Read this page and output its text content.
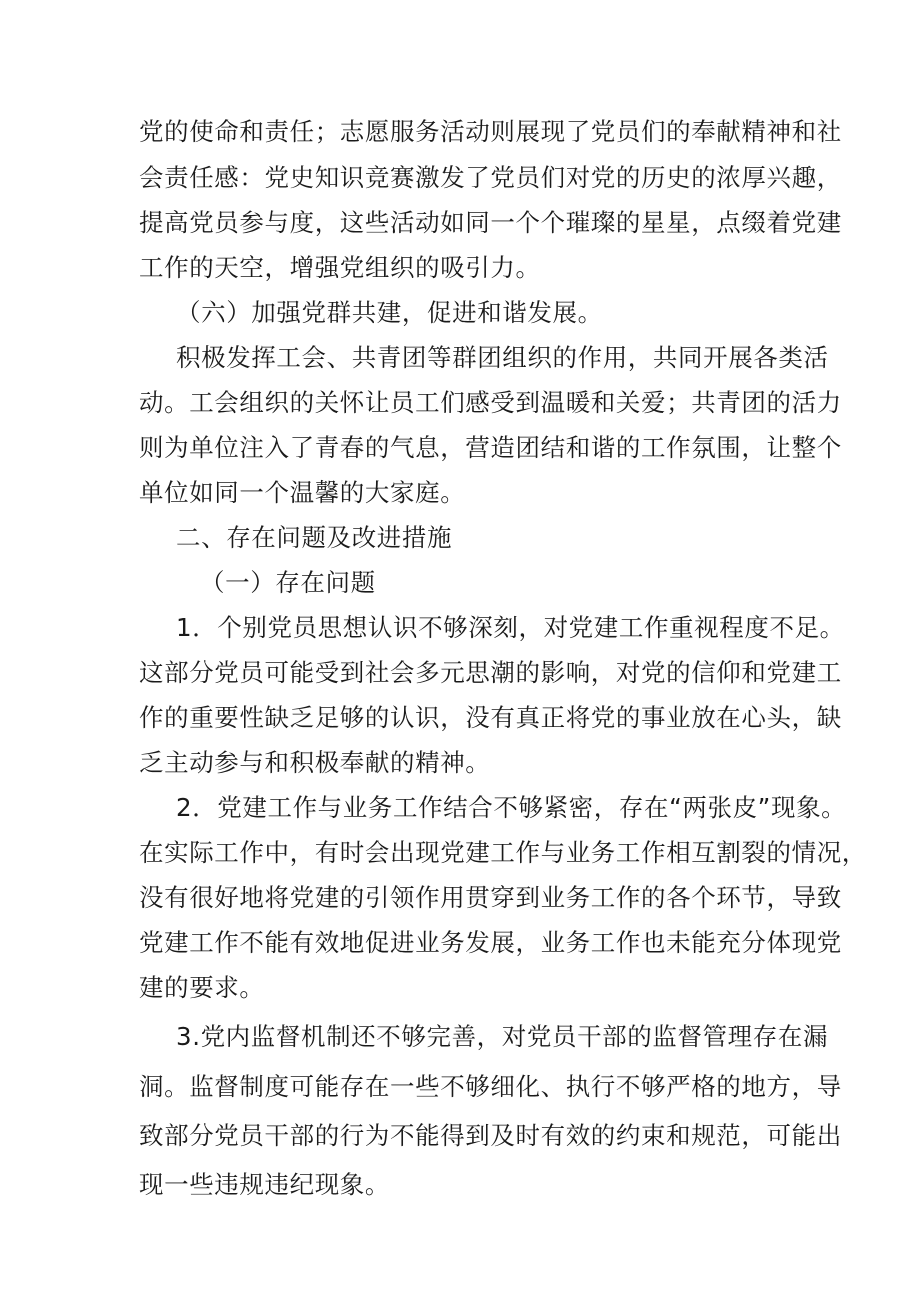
党的使命和责任；志愿服务活动则展现了党员们的奉献精神和社

会责任感：党史知识竞赛激发了党员们对党的历史的浓厚兴趣，

提高党员参与度，这些活动如同一个个璀璨的星星，点缀着党建

工作的天空，增强党组织的吸引力。

（六）加强党群共建，促进和谐发展。

积极发挥工会、共青团等群团组织的作用，共同开展各类活

动。工会组织的关怀让员工们感受到温暖和关爱；共青团的活力

则为单位注入了青春的气息，营造团结和谐的工作氛围，让整个

单位如同一个温馨的大家庭。

二、存在问题及改进措施

（一）存在问题

1．个别党员思想认识不够深刻，对党建工作重视程度不足。

这部分党员可能受到社会多元思潮的影响，对党的信仰和党建工

作的重要性缺乏足够的认识，没有真正将党的事业放在心头，缺

乏主动参与和积极奉献的精神。

2．党建工作与业务工作结合不够紧密，存在“两张皮”现象。

在实际工作中，有时会出现党建工作与业务工作相互割裂的情况，

没有很好地将党建的引领作用贯穿到业务工作的各个环节，导致

党建工作不能有效地促进业务发展，业务工作也未能充分体现党

建的要求。

3.党内监督机制还不够完善，对党员干部的监督管理存在漏

洞。监督制度可能存在一些不够细化、执行不够严格的地方，导

致部分党员干部的行为不能得到及时有效的约束和规范，可能出

现一些违规违纪现象。
